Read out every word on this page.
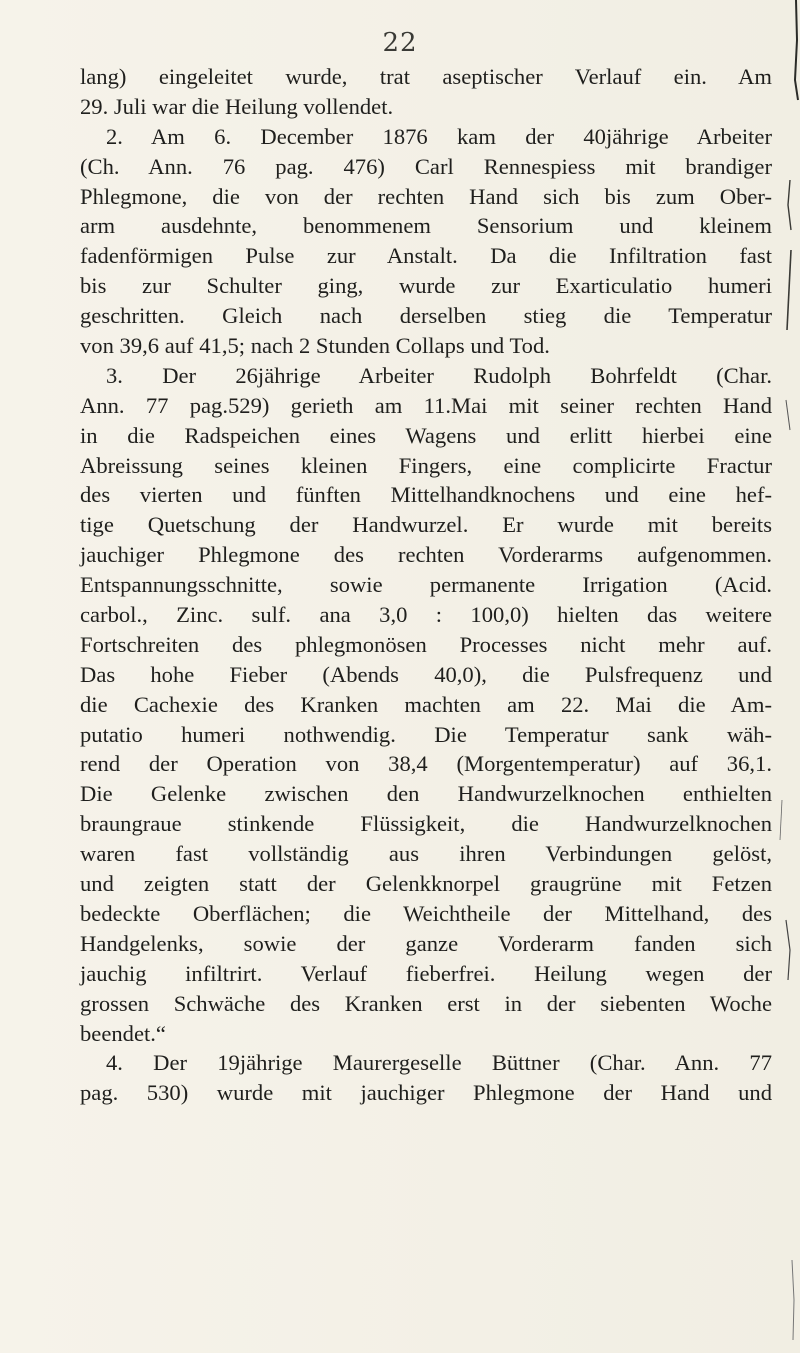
22
lang) eingeleitet wurde, trat aseptischer Verlauf ein. Am
29. Juli war die Heilung vollendet.
2. Am 6. December 1876 kam der 40jährige Arbeiter
(Ch. Ann. 76 pag. 476) Carl Rennespiess mit brandiger
Phlegmone, die von der rechten Hand sich bis zum Ober-
arm ausdehnte, benommenem Sensorium und kleinem
fadenförmigen Pulse zur Anstalt. Da die Infiltration fast
bis zur Schulter ging, wurde zur Exarticulatio humeri
geschritten. Gleich nach derselben stieg die Temperatur
von 39,6 auf 41,5; nach 2 Stunden Collaps und Tod.
3. Der 26jährige Arbeiter Rudolph Bohrfeldt (Char.
Ann. 77 pag.529) gerieth am 11.Mai mit seiner rechten Hand
in die Radspeichen eines Wagens und erlitt hierbei eine
Abreissung seines kleinen Fingers, eine complicirte Fractur
des vierten und fünften Mittelhandknochens und eine hef-
tige Quetschung der Handwurzel. Er wurde mit bereits
jauchiger Phlegmone des rechten Vorderarms aufgenommen.
Entspannungsschnitte, sowie permanente Irrigation (Acid.
carbol., Zinc. sulf. ana 3,0 : 100,0) hielten das weitere
Fortschreiten des phlegmonösen Processes nicht mehr auf.
Das hohe Fieber (Abends 40,0), die Pulsfrequenz und
die Cachexie des Kranken machten am 22. Mai die Am-
putatio humeri nothwendig. Die Temperatur sank wäh-
rend der Operation von 38,4 (Morgentemperatur) auf 36,1.
Die Gelenke zwischen den Handwurzelknochen enthielten
braungraue stinkende Flüssigkeit, die Handwurzelknochen
waren fast vollständig aus ihren Verbindungen gelöst,
und zeigten statt der Gelenkknorpel graugrüne mit Fetzen
bedeckte Oberflächen; die Weichtheile der Mittelhand, des
Handgelenks, sowie der ganze Vorderarm fanden sich
jauchig infiltrirt. Verlauf fieberfrei. Heilung wegen der
grossen Schwäche des Kranken erst in der siebenten Woche
beendet.“
4. Der 19jährige Maurergeselle Büttner (Char. Ann. 77
pag. 530) wurde mit jauchiger Phlegmone der Hand und
